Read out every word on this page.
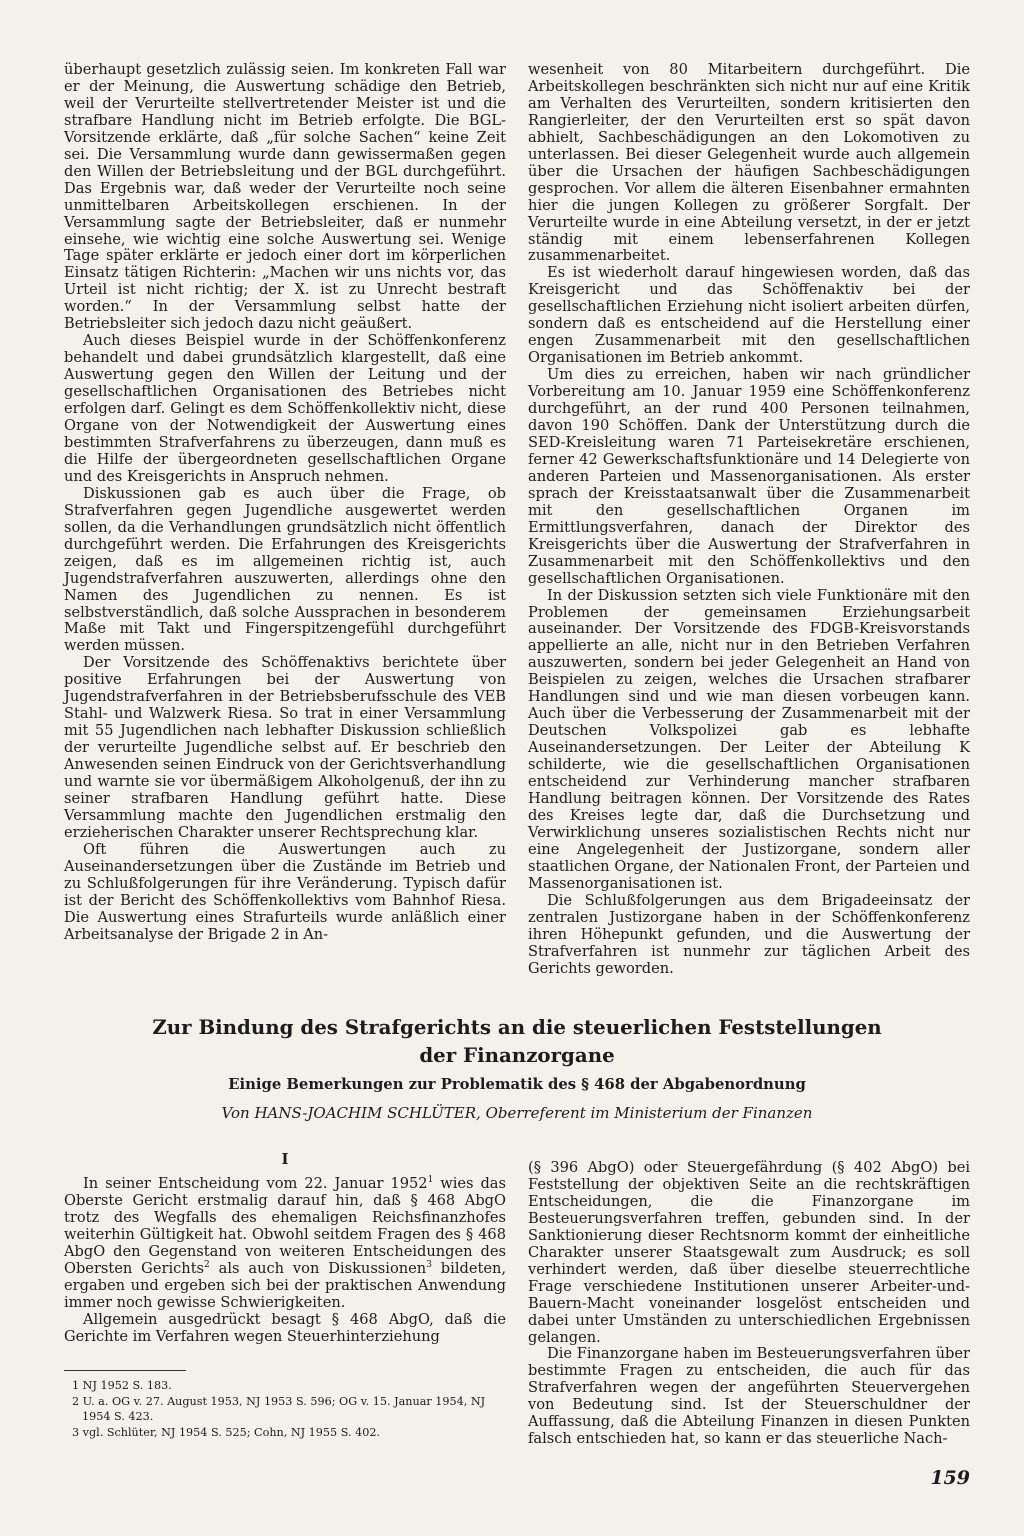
überhaupt gesetzlich zulässig seien. Im konkreten Fall war er der Meinung, die Auswertung schädige den Betrieb, weil der Verurteilte stellvertretender Meister ist und die strafbare Handlung nicht im Betrieb erfolgte. Die BGL-Vorsitzende erklärte, daß „für solche Sachen“ keine Zeit sei. Die Versammlung wurde dann gewissermaßen gegen den Willen der Betriebsleitung und der BGL durchgeführt. Das Ergebnis war, daß weder der Verurteilte noch seine unmittelbaren Arbeitskollegen erschienen. In der Versammlung sagte der Betriebsleiter, daß er nunmehr einsehe, wie wichtig eine solche Auswertung sei. Wenige Tage später erklärte er jedoch einer dort im körperlichen Einsatz tätigen Richterin: „Machen wir uns nichts vor, das Urteil ist nicht richtig; der X. ist zu Unrecht bestraft worden.“ In der Versammlung selbst hatte der Betriebsleiter sich jedoch dazu nicht geäußert.

Auch dieses Beispiel wurde in der Schöffenkonferenz behandelt und dabei grundsätzlich klargestellt, daß eine Auswertung gegen den Willen der Leitung und der gesellschaftlichen Organisationen des Betriebes nicht erfolgen darf. Gelingt es dem Schöffenkollektiv nicht, diese Organe von der Notwendigkeit der Auswertung eines bestimmten Strafverfahrens zu überzeugen, dann muß es die Hilfe der übergeordneten gesellschaftlichen Organe und des Kreisgerichts in Anspruch nehmen.

Diskussionen gab es auch über die Frage, ob Strafverfahren gegen Jugendliche ausgewertet werden sollen, da die Verhandlungen grundsätzlich nicht öffentlich durchgeführt werden. Die Erfahrungen des Kreisgerichts zeigen, daß es im allgemeinen richtig ist, auch Jugendstrafverfahren auszuwerten, allerdings ohne den Namen des Jugendlichen zu nennen. Es ist selbstverständlich, daß solche Aussprachen in besonderem Maße mit Takt und Fingerspitzengefühl durchgeführt werden müssen.

Der Vorsitzende des Schöffenaktivs berichtete über positive Erfahrungen bei der Auswertung von Jugendstrafverfahren in der Betriebsberufsschule des VEB Stahl- und Walzwerk Riesa. So trat in einer Versammlung mit 55 Jugendlichen nach lebhafter Diskussion schließlich der verurteilte Jugendliche selbst auf. Er beschrieb den Anwesenden seinen Eindruck von der Gerichtsverhandlung und warnte sie vor übermäßigem Alkoholgenuß, der ihn zu seiner strafbaren Handlung geführt hatte. Diese Versammlung machte den Jugendlichen erstmalig den erzieherischen Charakter unserer Rechtsprechung klar.

Oft führen die Auswertungen auch zu Auseinandersetzungen über die Zustände im Betrieb und zu Schlußfolgerungen für ihre Veränderung. Typisch dafür ist der Bericht des Schöffenkollektivs vom Bahnhof Riesa. Die Auswertung eines Strafurteils wurde anläßlich einer Arbeitsanalyse der Brigade 2 in An-

wesenheit von 80 Mitarbeitern durchgeführt. Die Arbeitskollegen beschränkten sich nicht nur auf eine Kritik am Verhalten des Verurteilten, sondern kritisierten den Rangierleiter, der den Verurteilten erst so spät davon abhielt, Sachbeschädigungen an den Lokomotiven zu unterlassen. Bei dieser Gelegenheit wurde auch allgemein über die Ursachen der häufigen Sachbeschädigungen gesprochen. Vor allem die älteren Eisenbahner ermahnten hier die jungen Kollegen zu größerer Sorgfalt. Der Verurteilte wurde in eine Abteilung versetzt, in der er jetzt ständig mit einem lebenserfahrenen Kollegen zusammenarbeitet.

Es ist wiederholt darauf hingewiesen worden, daß das Kreisgericht und das Schöffenaktiv bei der gesellschaftlichen Erziehung nicht isoliert arbeiten dürfen, sondern daß es entscheidend auf die Herstellung einer engen Zusammenarbeit mit den gesellschaftlichen Organisationen im Betrieb ankommt.

Um dies zu erreichen, haben wir nach gründlicher Vorbereitung am 10. Januar 1959 eine Schöffenkonferenz durchgeführt, an der rund 400 Personen teilnahmen, davon 190 Schöffen. Dank der Unterstützung durch die SED-Kreisleitung waren 71 Parteisekretäre erschienen, ferner 42 Gewerkschaftsfunktionäre und 14 Delegierte von anderen Parteien und Massenorganisationen. Als erster sprach der Kreisstaatsanwalt über die Zusammenarbeit mit den gesellschaftlichen Organen im Ermittlungsverfahren, danach der Direktor des Kreisgerichts über die Auswertung der Strafverfahren in Zusammenarbeit mit den Schöffenkollektivs und den gesellschaftlichen Organisationen.

In der Diskussion setzten sich viele Funktionäre mit den Problemen der gemeinsamen Erziehungsarbeit auseinander. Der Vorsitzende des FDGB-Kreisvorstands appellierte an alle, nicht nur in den Betrieben Verfahren auszuwerten, sondern bei jeder Gelegenheit an Hand von Beispielen zu zeigen, welches die Ursachen strafbarer Handlungen sind und wie man diesen vorbeugen kann. Auch über die Verbesserung der Zusammenarbeit mit der Deutschen Volkspolizei gab es lebhafte Auseinandersetzungen. Der Leiter der Abteilung K schilderte, wie die gesellschaftlichen Organisationen entscheidend zur Verhinderung mancher strafbaren Handlung beitragen können. Der Vorsitzende des Rates des Kreises legte dar, daß die Durchsetzung und Verwirklichung unseres sozialistischen Rechts nicht nur eine Angelegenheit der Justizorgane, sondern aller staatlichen Organe, der Nationalen Front, der Parteien und Massenorganisationen ist.

Die Schlußfolgerungen aus dem Brigadeeinsatz der zentralen Justizorgane haben in der Schöffenkonferenz ihren Höhepunkt gefunden, und die Auswertung der Strafverfahren ist nunmehr zur täglichen Arbeit des Gerichts geworden.

Zur Bindung des Strafgerichts an die steuerlichen Feststellungen
der Finanzorgane
Einige Bemerkungen zur Problematik des § 468 der Abgabenordnung
Von HANS-JOACHIM SCHLÜTER, Oberreferent im Ministerium der Finanzen
I

In seiner Entscheidung vom 22. Januar 1952$^1$ wies das Oberste Gericht erstmalig darauf hin, daß § 468 AbgO trotz des Wegfalls des ehemaligen Reichsfinanzhofes weiterhin Gültigkeit hat. Obwohl seitdem Fragen des § 468 AbgO den Gegenstand von weiteren Entscheidungen des Obersten Gerichts$^2$ als auch von Diskussionen$^3$ bildeten, ergaben und ergeben sich bei der praktischen Anwendung immer noch gewisse Schwierigkeiten.

Allgemein ausgedrückt besagt § 468 AbgO, daß die Gerichte im Verfahren wegen Steuerhinterziehung

1 NJ 1952 S. 183.

2 U. a. OG v. 27. August 1953, NJ 1953 S. 596; OG v. 15. Januar 1954, NJ 1954 S. 423.

3 vgl. Schlüter, NJ 1954 S. 525; Cohn, NJ 1955 S. 402.

(§ 396 AbgO) oder Steuergefährdung (§ 402 AbgO) bei Feststellung der objektiven Seite an die rechtskräftigen Entscheidungen, die die Finanzorgane im Besteuerungsverfahren treffen, gebunden sind. In der Sanktionierung dieser Rechtsnorm kommt der einheitliche Charakter unserer Staatsgewalt zum Ausdruck; es soll verhindert werden, daß über dieselbe steuerrechtliche Frage verschiedene Institutionen unserer Arbeiter-und-Bauern-Macht voneinander losgelöst entscheiden und dabei unter Umständen zu unterschiedlichen Ergebnissen gelangen.

Die Finanzorgane haben im Besteuerungsverfahren über bestimmte Fragen zu entscheiden, die auch für das Strafverfahren wegen der angeführten Steuervergehen von Bedeutung sind. Ist der Steuerschuldner der Auffassung, daß die Abteilung Finanzen in diesen Punkten falsch entschieden hat, so kann er das steuerliche Nach-

159
